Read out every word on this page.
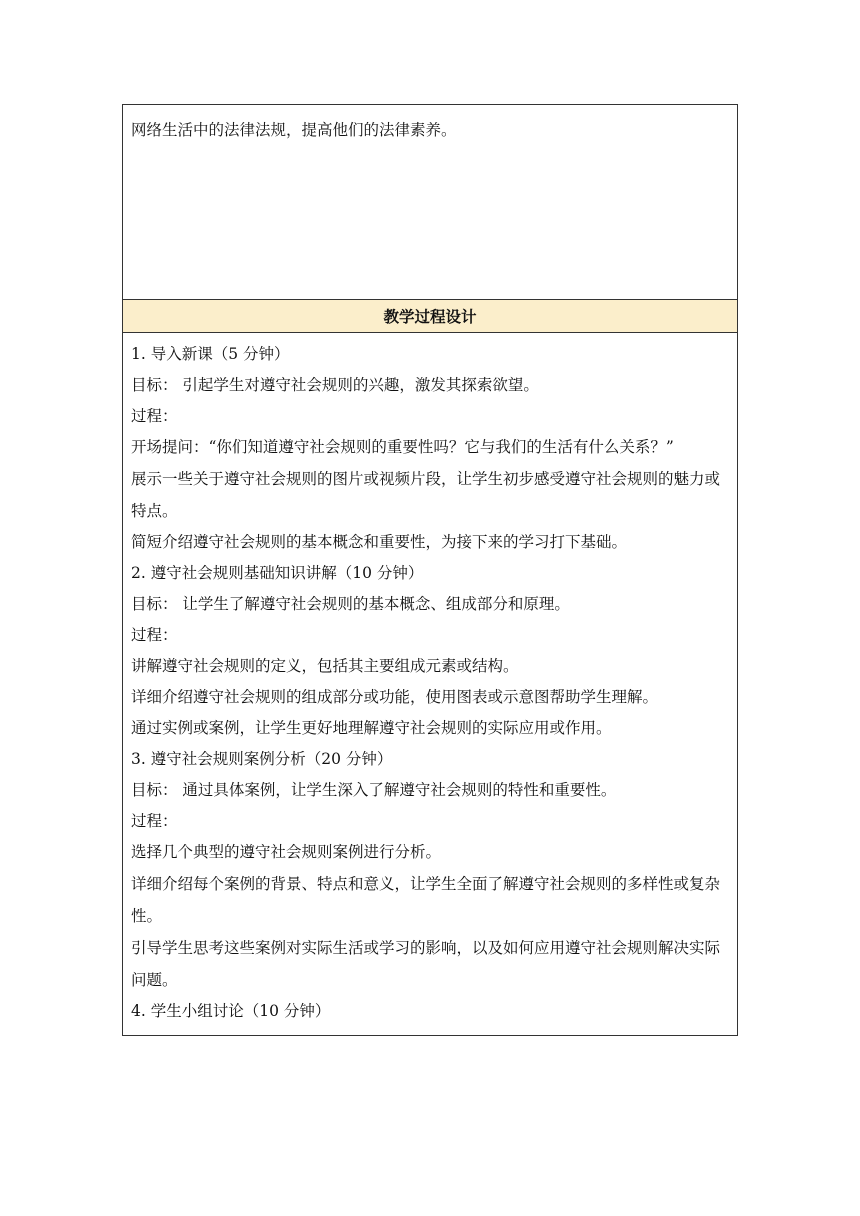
网络生活中的法律法规，提高他们的法律素养。

教学过程设计

1. 导入新课（5 分钟）

目标： 引起学生对遵守社会规则的兴趣，激发其探索欲望。

过程：

开场提问：“你们知道遵守社会规则的重要性吗？它与我们的生活有什么关系？”

展示一些关于遵守社会规则的图片或视频片段，让学生初步感受遵守社会规则的魅力或特点。

简短介绍遵守社会规则的基本概念和重要性，为接下来的学习打下基础。

2. 遵守社会规则基础知识讲解（10 分钟）

目标： 让学生了解遵守社会规则的基本概念、组成部分和原理。

过程：

讲解遵守社会规则的定义，包括其主要组成元素或结构。

详细介绍遵守社会规则的组成部分或功能，使用图表或示意图帮助学生理解。

通过实例或案例，让学生更好地理解遵守社会规则的实际应用或作用。

3. 遵守社会规则案例分析（20 分钟）

目标： 通过具体案例，让学生深入了解遵守社会规则的特性和重要性。

过程：

选择几个典型的遵守社会规则案例进行分析。

详细介绍每个案例的背景、特点和意义，让学生全面了解遵守社会规则的多样性或复杂性。

引导学生思考这些案例对实际生活或学习的影响，以及如何应用遵守社会规则解决实际问题。

4. 学生小组讨论（10 分钟）
